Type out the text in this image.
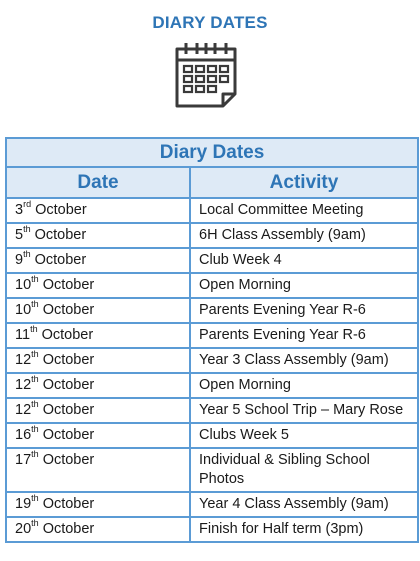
DIARY DATES
Diary Dates	
Date	Activity
3rd October	Local Committee Meeting
5th October	6H Class Assembly (9am)
9th October	Club Week 4
10th October	Open Morning
10th October	Parents Evening Year R-6
11th October	Parents Evening Year R-6
12th October	Year 3 Class Assembly (9am)
12th October	Open Morning
12th October	Year 5 School Trip – Mary Rose
16th October	Clubs Week 5
17th October	Individual & Sibling School Photos
19th October	Year 4 Class Assembly (9am)
20th October	Finish for Half term (3pm)
